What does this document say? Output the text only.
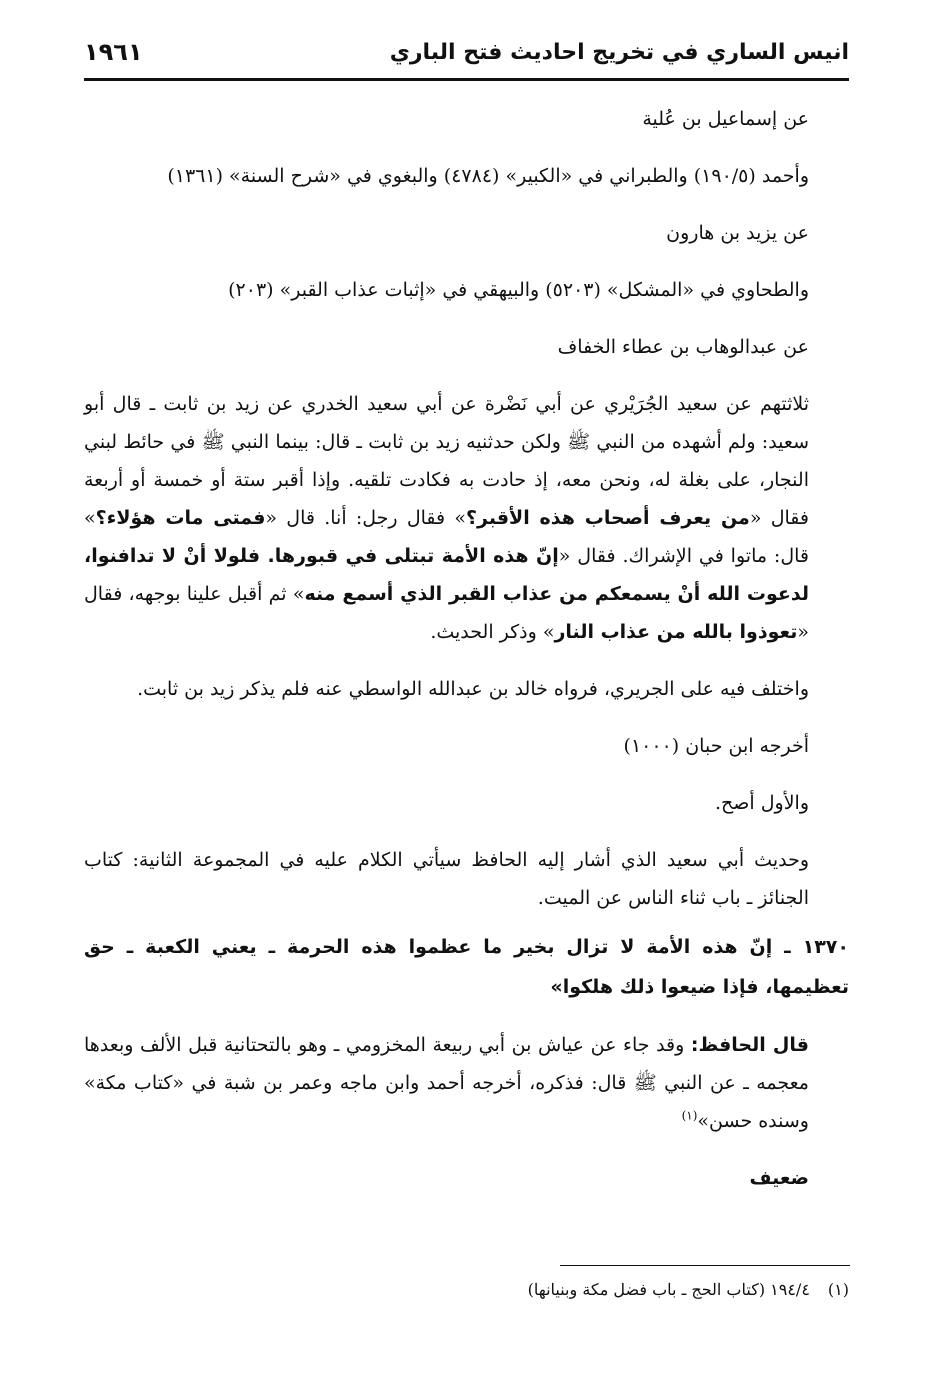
انيس الساري في تخريج احاديث فتح الباري
١٩٦١

عن إسماعيل بن عُلية

وأحمد (١٩٠/٥) والطبراني في «الكبير» (٤٧٨٤) والبغوي في «شرح السنة» (١٣٦١)

عن يزيد بن هارون

والطحاوي في «المشكل» (٥٢٠٣) والبيهقي في «إثبات عذاب القبر» (٢٠٣)

عن عبدالوهاب بن عطاء الخفاف

ثلاثتهم عن سعيد الجُرَيْري عن أبي نَضْرة عن أبي سعيد الخدري عن زيد بن ثابت ـ قال أبو سعيد: ولم أشهده من النبي ﷺ ولكن حدثنيه زيد بن ثابت ـ قال: بينما النبي ﷺ في حائط لبني النجار، على بغلة له، ونحن معه، إذ حادت به فكادت تلقيه. وإذا أقبر ستة أو خمسة أو أربعة فقال «من يعرف أصحاب هذه الأقبر؟» فقال رجل: أنا. قال «فمتى مات هؤلاء؟» قال: ماتوا في الإشراك. فقال «إنّ هذه الأمة تبتلى في قبورها. فلولا أنْ لا تدافنوا، لدعوت الله أنْ يسمعكم من عذاب القبر الذي أسمع منه» ثم أقبل علينا بوجهه، فقال «تعوذوا بالله من عذاب النار» وذكر الحديث.

واختلف فيه على الجريري، فرواه خالد بن عبدالله الواسطي عنه فلم يذكر زيد بن ثابت.

أخرجه ابن حبان (١٠٠٠)

والأول أصح.

وحديث أبي سعيد الذي أشار إليه الحافظ سيأتي الكلام عليه في المجموعة الثانية: كتاب الجنائز ـ باب ثناء الناس عن الميت.

١٣٧٠ ـ إنّ هذه الأمة لا تزال بخير ما عظموا هذه الحرمة ـ يعني الكعبة ـ حق تعظيمها، فإذا ضيعوا ذلك هلكوا»

قال الحافظ: وقد جاء عن عياش بن أبي ربيعة المخزومي ـ وهو بالتحتانية قبل الألف وبعدها معجمه ـ عن النبي ﷺ قال: فذكره، أخرجه أحمد وابن ماجه وعمر بن شبة في «كتاب مكة» وسنده حسن»$^{(١)}$

ضعيف

(١)١٩٤/٤ (كتاب الحج ـ باب فضل مكة وبنيانها)
